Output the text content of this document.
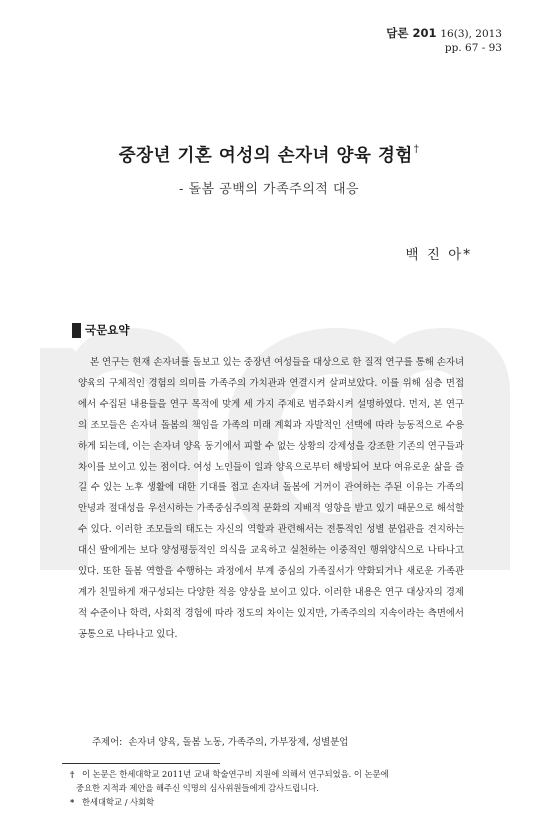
담론 201 16(3), 2013
pp. 67 - 93
중장년 기혼 여성의 손자녀 양육 경험†
- 돌봄 공백의 가족주의적 대응
백 진 아*
국문요약

본 연구는 현재 손자녀를 돌보고 있는 중장년 여성들을 대상으로 한 질적 연구를 통해 손자녀 양육의 구체적인 경험의 의미를 가족주의 가치관과 연결시켜 살펴보았다. 이를 위해 심층 면접에서 수집된 내용들을 연구 목적에 맞게 세 가지 주제로 범주화시켜 설명하였다. 먼저, 본 연구의 조모들은 손자녀 돌봄의 책임을 가족의 미래 계획과 자발적인 선택에 따라 능동적으로 수용하게 되는데, 이는 손자녀 양육 동기에서 피할 수 없는 상황의 강제성을 강조한 기존의 연구들과 차이를 보이고 있는 점이다. 여성 노인들이 일과 양육으로부터 해방되어 보다 여유로운 삶을 즐길 수 있는 노후 생활에 대한 기대를 접고 손자녀 돌봄에 거꺼이 관여하는 주된 이유는 가족의 안녕과 절대성을 우선시하는 가족중심주의적 문화의 지배적 영향을 받고 있기 때문으로 해석할 수 있다. 이러한 조모들의 태도는 자신의 역할과 관련해서는 전통적인 성별 분업관을 견지하는 대신 딸에게는 보다 양성평등적인 의식을 교육하고 실천하는 이중적인 행위양식으로 나타나고 있다. 또한 돌봄 역할을 수행하는 과정에서 부계 중심의 가족질서가 약화되거나 새로운 가족관계가 친밀하게 재구성되는 다양한 적응 양상을 보이고 있다. 이러한 내용은 연구 대상자의 경제적 수준이나 학력, 사회적 경험에 따라 정도의 차이는 있지만, 가족주의의 지속이라는 측면에서 공통으로 나타나고 있다.

주제어: 손자녀 양육, 돌봄 노동, 가족주의, 가부장제, 성별분업

† 이 논문은 한세대학교 2011년 교내 학술연구비 지원에 의해서 연구되었음. 이 논문에

중요한 지적과 제안을 해주신 익명의 심사위원들에게 감사드립니다.

* 한세대학교 / 사회학
